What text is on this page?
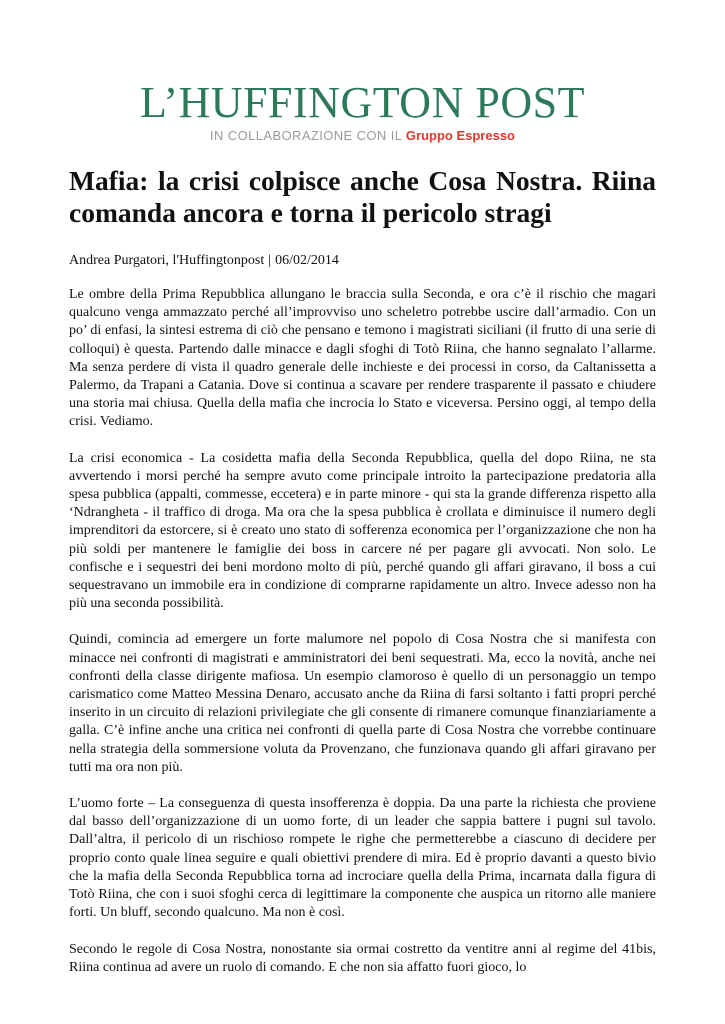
L’HUFFINGTON POST
IN COLLABORAZIONE CON IL Gruppo Espresso
Mafia: la crisi colpisce anche Cosa Nostra. Riina comanda ancora e torna il pericolo stragi
Andrea Purgatori, l'Huffingtonpost | 06/02/2014

Le ombre della Prima Repubblica allungano le braccia sulla Seconda, e ora c’è il rischio che magari qualcuno venga ammazzato perché all’improvviso uno scheletro potrebbe uscire dall’armadio. Con un po’ di enfasi, la sintesi estrema di ciò che pensano e temono i magistrati siciliani (il frutto di una serie di colloqui) è questa. Partendo dalle minacce e dagli sfoghi di Totò Riina, che hanno segnalato l’allarme. Ma senza perdere di vista il quadro generale delle inchieste e dei processi in corso, da Caltanissetta a Palermo, da Trapani a Catania. Dove si continua a scavare per rendere trasparente il passato e chiudere una storia mai chiusa. Quella della mafia che incrocia lo Stato e viceversa. Persino oggi, al tempo della crisi. Vediamo.

La crisi economica - La cosidetta mafia della Seconda Repubblica, quella del dopo Riina, ne sta avvertendo i morsi perché ha sempre avuto come principale introito la partecipazione predatoria alla spesa pubblica (appalti, commesse, eccetera) e in parte minore - qui sta la grande differenza rispetto alla ‘Ndrangheta - il traffico di droga. Ma ora che la spesa pubblica è crollata e diminuisce il numero degli imprenditori da estorcere, si è creato uno stato di sofferenza economica per l’organizzazione che non ha più soldi per mantenere le famiglie dei boss in carcere né per pagare gli avvocati. Non solo. Le confische e i sequestri dei beni mordono molto di più, perché quando gli affari giravano, il boss a cui sequestravano un immobile era in condizione di comprarne rapidamente un altro. Invece adesso non ha più una seconda possibilità.

Quindi, comincia ad emergere un forte malumore nel popolo di Cosa Nostra che si manifesta con minacce nei confronti di magistrati e amministratori dei beni sequestrati. Ma, ecco la novità, anche nei confronti della classe dirigente mafiosa. Un esempio clamoroso è quello di un personaggio un tempo carismatico come Matteo Messina Denaro, accusato anche da Riina di farsi soltanto i fatti propri perché inserito in un circuito di relazioni privilegiate che gli consente di rimanere comunque finanziariamente a galla. C’è infine anche una critica nei confronti di quella parte di Cosa Nostra che vorrebbe continuare nella strategia della sommersione voluta da Provenzano, che funzionava quando gli affari giravano per tutti ma ora non più.

L’uomo forte – La conseguenza di questa insofferenza è doppia. Da una parte la richiesta che proviene dal basso dell’organizzazione di un uomo forte, di un leader che sappia battere i pugni sul tavolo. Dall’altra, il pericolo di un rischioso rompete le righe che permetterebbe a ciascuno di decidere per proprio conto quale linea seguire e quali obiettivi prendere di mira. Ed è proprio davanti a questo bivio che la mafia della Seconda Repubblica torna ad incrociare quella della Prima, incarnata dalla figura di Totò Riina, che con i suoi sfoghi cerca di legittimare la componente che auspica un ritorno alle maniere forti. Un bluff, secondo qualcuno. Ma non è così.

Secondo le regole di Cosa Nostra, nonostante sia ormai costretto da ventitre anni al regime del 41bis, Riina continua ad avere un ruolo di comando. E che non sia affatto fuori gioco, lo
